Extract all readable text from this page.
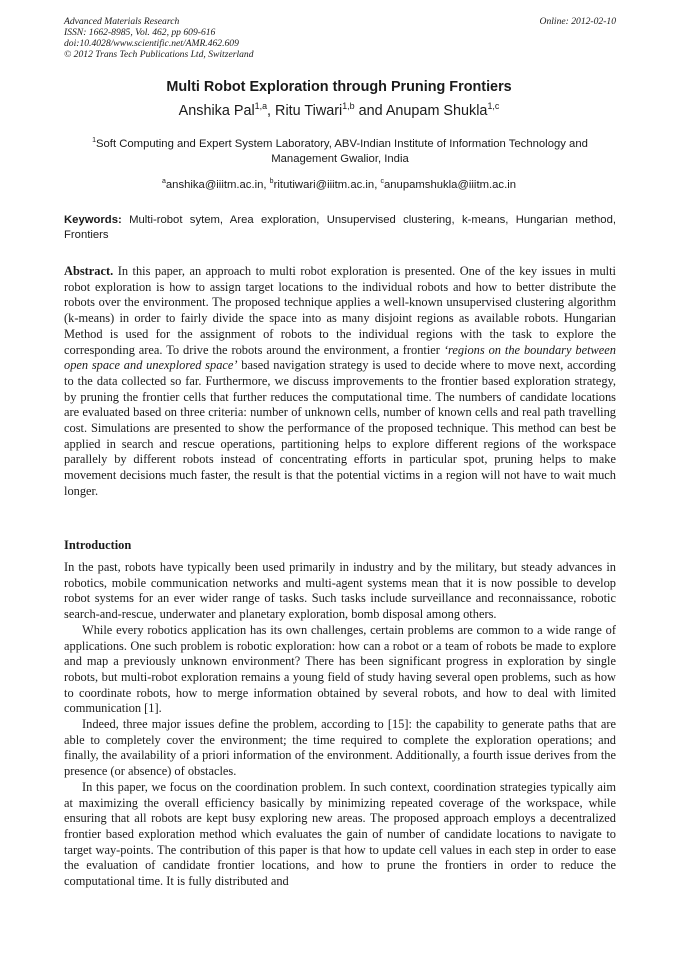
Advanced Materials Research
ISSN: 1662-8985, Vol. 462, pp 609-616
doi:10.4028/www.scientific.net/AMR.462.609
© 2012 Trans Tech Publications Ltd, Switzerland
Online: 2012-02-10
Multi Robot Exploration through Pruning Frontiers
Anshika Pal$^{1,a}$, Ritu Tiwari$^{1,b}$ and Anupam Shukla$^{1,c}$
$^1$Soft Computing and Expert System Laboratory, ABV-Indian Institute of Information Technology and Management Gwalior, India
$^a$anshika@iiitm.ac.in, $^b$ritutiwari@iiitm.ac.in, $^c$anupamshukla@iiitm.ac.in
Keywords: Multi-robot sytem, Area exploration, Unsupervised clustering, k-means, Hungarian method, Frontiers
Abstract. In this paper, an approach to multi robot exploration is presented. One of the key issues in multi robot exploration is how to assign target locations to the individual robots and how to better distribute the robots over the environment. The proposed technique applies a well-known unsupervised clustering algorithm (k-means) in order to fairly divide the space into as many disjoint regions as available robots. Hungarian Method is used for the assignment of robots to the individual regions with the task to explore the corresponding area. To drive the robots around the environment, a frontier ‘regions on the boundary between open space and unexplored space’ based navigation strategy is used to decide where to move next, according to the data collected so far. Furthermore, we discuss improvements to the frontier based exploration strategy, by pruning the frontier cells that further reduces the computational time. The numbers of candidate locations are evaluated based on three criteria: number of unknown cells, number of known cells and real path travelling cost. Simulations are presented to show the performance of the proposed technique. This method can best be applied in search and rescue operations, partitioning helps to explore different regions of the workspace parallely by different robots instead of concentrating efforts in particular spot, pruning helps to make movement decisions much faster, the result is that the potential victims in a region will not have to wait much longer.
Introduction

In the past, robots have typically been used primarily in industry and by the military, but steady advances in robotics, mobile communication networks and multi-agent systems mean that it is now possible to develop robot systems for an ever wider range of tasks. Such tasks include surveillance and reconnaissance, robotic search-and-rescue, underwater and planetary exploration, bomb disposal among others.

While every robotics application has its own challenges, certain problems are common to a wide range of applications. One such problem is robotic exploration: how can a robot or a team of robots be made to explore and map a previously unknown environment? There has been significant progress in exploration by single robots, but multi-robot exploration remains a young field of study having several open problems, such as how to coordinate robots, how to merge information obtained by several robots, and how to deal with limited communication [1].

Indeed, three major issues define the problem, according to [15]: the capability to generate paths that are able to completely cover the environment; the time required to complete the exploration operations; and finally, the availability of a priori information of the environment. Additionally, a fourth issue derives from the presence (or absence) of obstacles.

In this paper, we focus on the coordination problem. In such context, coordination strategies typically aim at maximizing the overall efficiency basically by minimizing repeated coverage of the workspace, while ensuring that all robots are kept busy exploring new areas. The proposed approach employs a decentralized frontier based exploration method which evaluates the gain of number of candidate locations to navigate to target way-points. The contribution of this paper is that how to update cell values in each step in order to ease the evaluation of candidate frontier locations, and how to prune the frontiers in order to reduce the computational time. It is fully distributed and
